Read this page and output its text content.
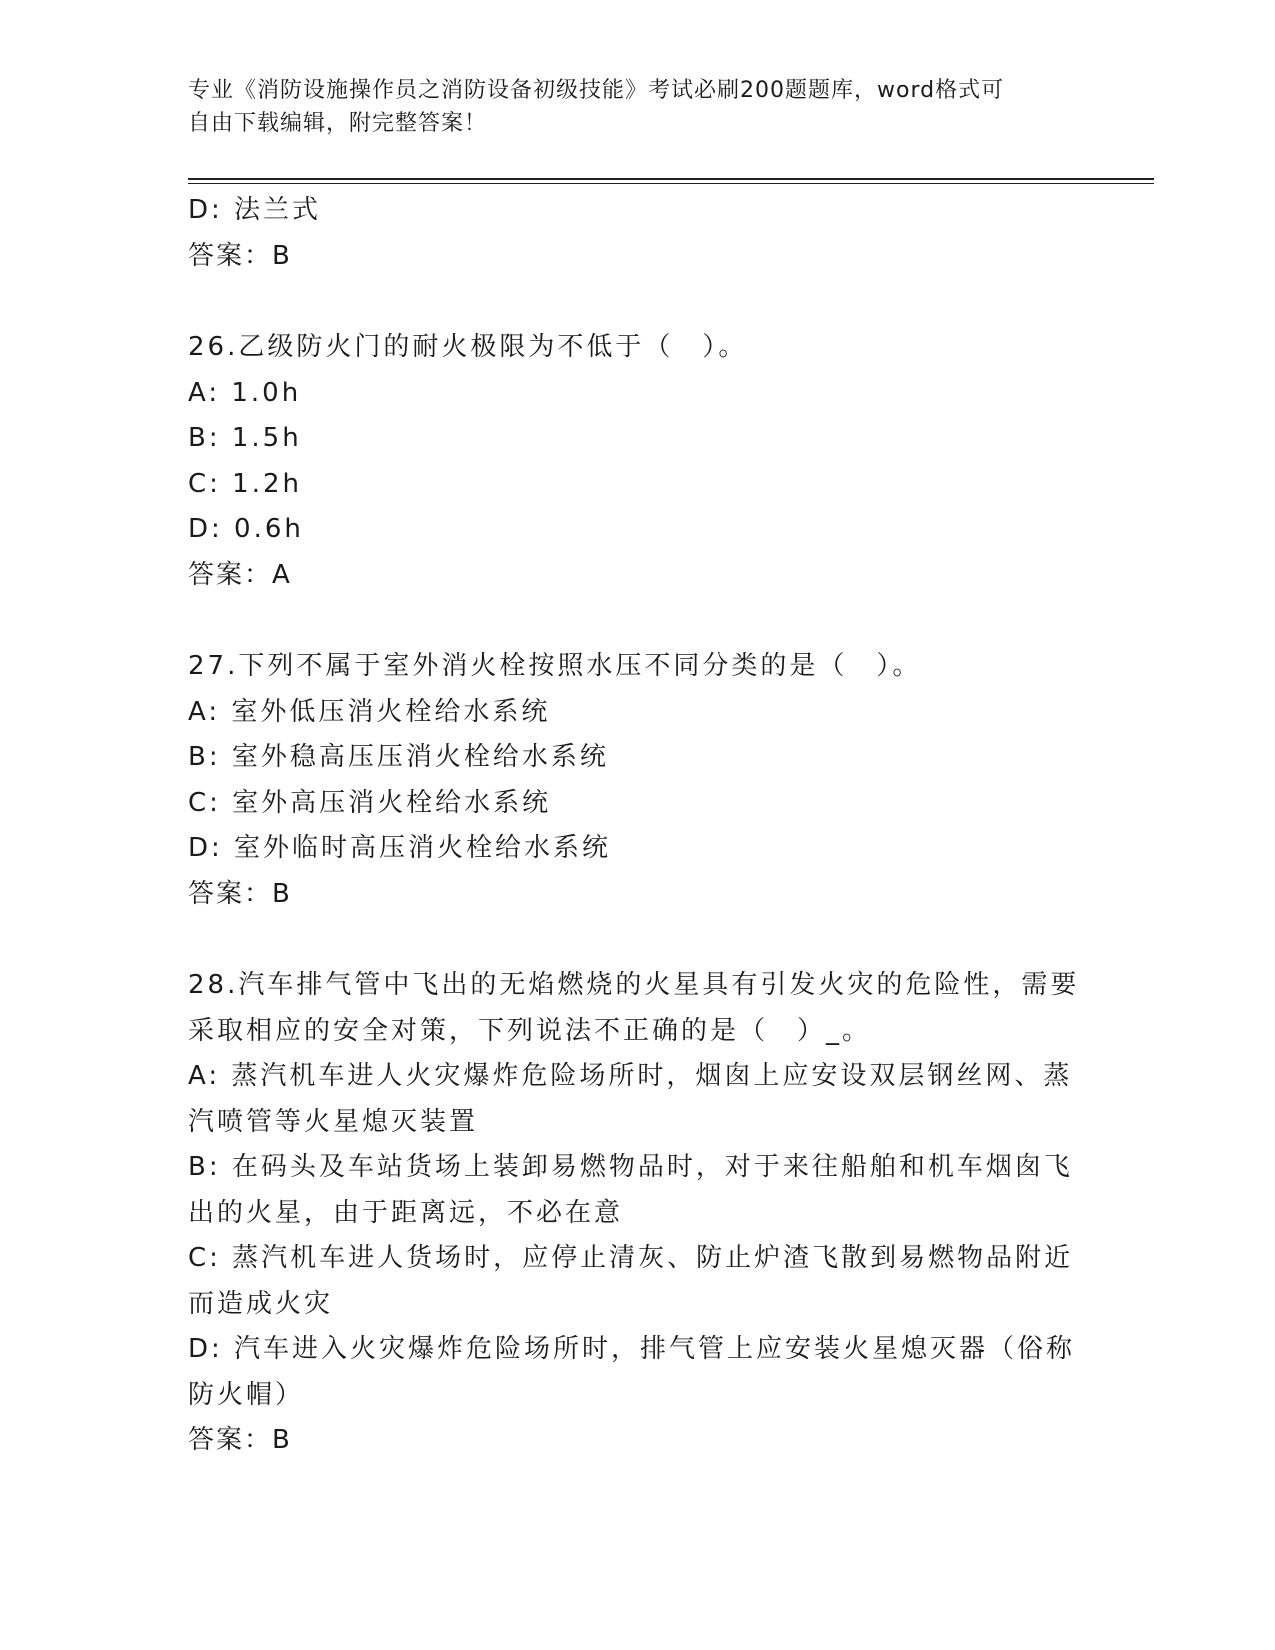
专业《消防设施操作员之消防设备初级技能》考试必刷200题题库，word格式可
自由下载编辑，附完整答案！
D: 法兰式
答案：B
26.乙级防火门的耐火极限为不低于（　）。
A: 1.0h
B: 1.5h
C: 1.2h
D: 0.6h
答案：A
27.下列不属于室外消火栓按照水压不同分类的是（　）。
A: 室外低压消火栓给水系统
B: 室外稳高压压消火栓给水系统
C: 室外高压消火栓给水系统
D: 室外临时高压消火栓给水系统
答案：B
28.汽车排气管中飞出的无焰燃烧的火星具有引发火灾的危险性，需要
采取相应的安全对策，下列说法不正确的是（　）_。
A: 蒸汽机车进人火灾爆炸危险场所时，烟囱上应安设双层钢丝网、蒸
汽喷管等火星熄灭装置
B: 在码头及车站货场上装卸易燃物品时，对于来往船舶和机车烟囱飞
出的火星，由于距离远，不必在意
C: 蒸汽机车进人货场时，应停止清灰、防止炉渣飞散到易燃物品附近
而造成火灾
D: 汽车进入火灾爆炸危险场所时，排气管上应安装火星熄灭器（俗称
防火帽）
答案：B
